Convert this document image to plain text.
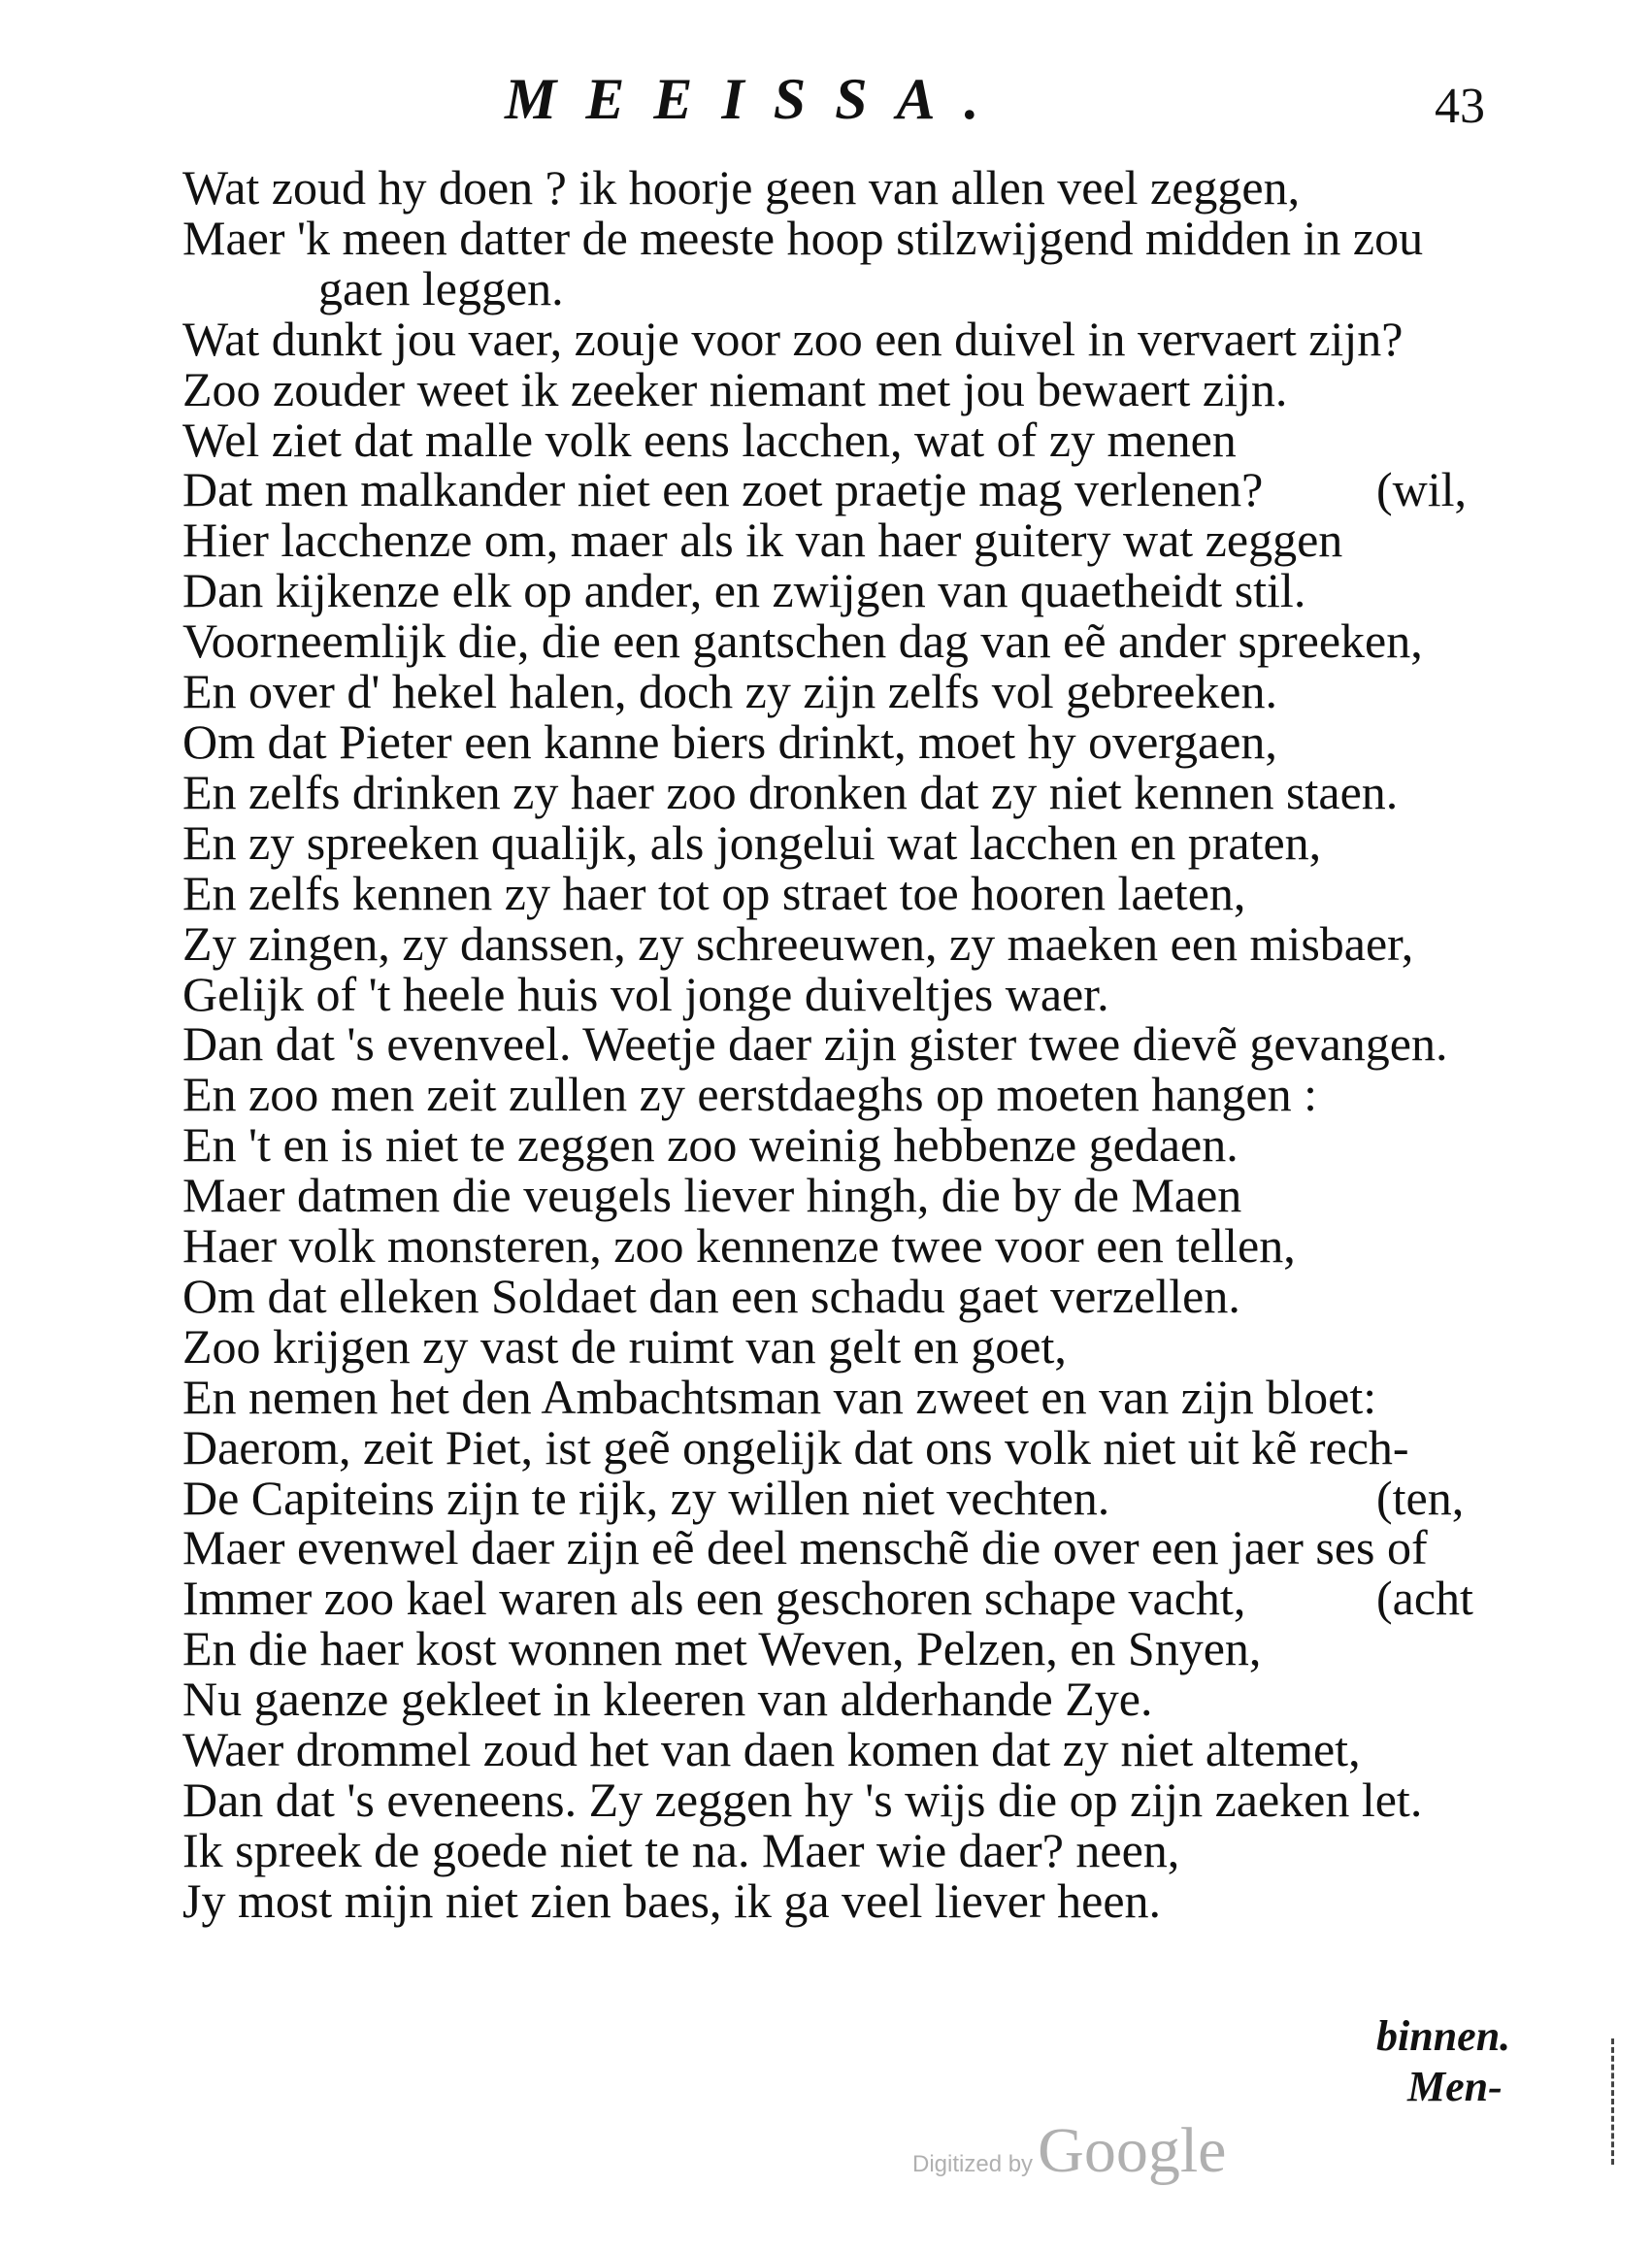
MEEISSA.	43
Wat zoud hy doen ? ik hoorje geen van allen veel zeggen,
Maer 'k meen datter de meeste hoop stilzwijgend midden in zou
gaen leggen.
Wat dunkt jou vaer, zouje voor zoo een duivel in vervaert zijn?
Zoo zouder weet ik zeeker niemant met jou bewaert zijn.
Wel ziet dat malle volk eens lacchen, wat of zy menen
Dat men malkander niet een zoet praetje mag verlenen? (wil,
Hier lacchenze om, maer als ik van haer guitery wat zeggen
Dan kijkenze elk op ander, en zwijgen van quaetheidt stil.
Voorneemlijk die, die een gantschen dag van eẽ ander spreeken,
En over d' hekel halen, doch zy zijn zelfs vol gebreeken.
Om dat Pieter een kanne biers drinkt, moet hy overgaen,
En zelfs drinken zy haer zoo dronken dat zy niet kennen staen.
En zy spreeken qualijk, als jongelui wat lacchen en praten,
En zelfs kennen zy haer tot op straet toe hooren laeten,
Zy zingen, zy danssen, zy schreeuwen, zy maeken een misbaer,
Gelijk of 't heele huis vol jonge duiveltjes waer.
Dan dat 's evenveel. Weetje daer zijn gister twee dievẽ gevangen.
En zoo men zeit zullen zy eerstdaeghs op moeten hangen :
En 't en is niet te zeggen zoo weinig hebbenze gedaen.
Maer datmen die veugels liever hingh, die by de Maen
Haer volk monsteren, zoo kennenze twee voor een tellen,
Om dat elleken Soldaet dan een schadu gaet verzellen.
Zoo krijgen zy vast de ruimt van gelt en goet,
En nemen het den Ambachtsman van zweet en van zijn bloet:
Daerom, zeit Piet, ist geẽ ongelijk dat ons volk niet uit kẽ rech-
De Capiteins zijn te rijk, zy willen niet vechten.	(ten,
Maer evenwel daer zijn eẽ deel menschẽ die over een jaer ses of
Immer zoo kael waren als een geschoren schape vacht,	(acht
En die haer kost wonnen met Weven, Pelzen, en Snyen,
Nu gaenze gekleet in kleeren van alderhande Zye.
Waer drommel zoud het van daen komen dat zy niet altemet,
Dan dat 's eveneens. Zy zeggen hy 's wijs die op zijn zaeken let.
Ik spreek de goede niet te na. Maer wie daer? neen,
Jy most mijn niet zien baes, ik ga veel liever heen.
binnen.
Men-
Digitized by Google
